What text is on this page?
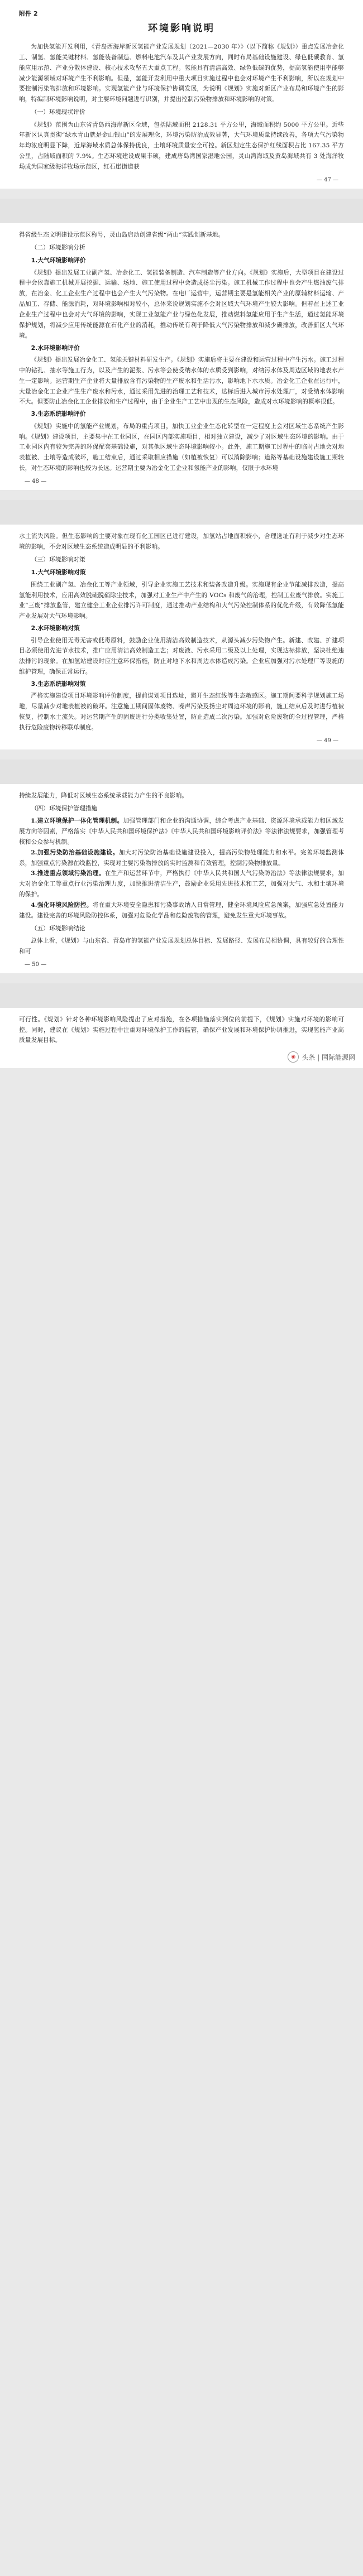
附件 2
环境影响说明

为加快氢能开发利用，《青岛西海岸新区氢能产业发展规划（2021—2030 年）》（以下简称《规划》）重点发展冶金化工、制氢、氢能关键材料、氢能装备制造、燃料电池汽车及其产业发展方向，同时布局基础设施建设、绿色低碳教育、氢能应用示范、产业分散体建设、核心技术攻坚五大重点工程。氢能具有清洁高效、绿色低碳的优势，提高氢能使用率能够减少能源领域对环境产生不利影响。但是，氢能开发利用中重大项目实施过程中也会对环境产生不利影响，所以在规划中要控制污染物排放和环境影响。实现氢能产业与环境保护协调发展，为说明《规划》实施对新区产业布局和环境产生的影响，特编制环境影响说明，对主要环境问题进行识别，并提出控制污染物排放和环境影响的对策。

（一）环境现状评价

《规划》范围为山东省青岛西海岸新区全域，包括陆域面积 2128.31 平方公里，海域面积约 5000 平方公里。近些年新区认真贯彻“绿水青山就是金山银山”的发展理念，环境污染防治成效显著，大气环境质量持续改善，各项大气污染物年均浓度明显下降，近岸海域水质总体保持优良，土壤环境质量安全可控。新区划定生态保护红线面积占比 167.35 平方公里，占陆域面积的 7.9%。生态环境建设成果丰硕，建成唐岛湾国家湿地公园，灵山湾海域及黄岛海域共有 3 处海洋牧场成为国家级海洋牧场示范区，红石崖街道获

— 47 —

得省级生态文明建设示范区称号，灵山岛启动创建省级“两山”实践创新基地。

（二）环境影响分析
1.大气环境影响评价

《规划》提出发展工业副产氢、冶金化工、氢能装备制造、汽车制造等产业方向。《规划》实施后，大型项目在建设过程中会依靠施工机械开展挖掘、运输、场地、施工使用过程中会造成扬尘污染。施工机械工作过程中也会产生燃油废气排放，在冶金、化工企业生产过程中也会产生大气污染物。在电厂运营中，运营期主要是氢能相关产业的原辅材料运输、产品加工、存储、能源消耗，对环境影响相对较小，总体来说规划实施不会对区域大气环境产生较大影响。但若在上述工业企业生产过程中也会对大气环境的影响，实现工业氢能产业与绿色化发展，推动燃料氢能应用于生产生活，通过氢能环境保护规划，将减少应用传统能源在石化产业的消耗，推动传统有利于降低大气污染物排放和减少碳排放，改善新区大气环境。

2.水环境影响评价

《规划》提出发展冶金化工、氢能关键材料研发生产。《规划》实施后将主要在建设和运营过程中产生污水。施工过程中的钻孔、抽水等施工行为，以及产生的泥浆、污水等会使受纳水体的水质受到影响，对纳污水体及周边区域的地表水产生一定影响。运营期生产企业将大量排放含有污染物的生产废水和生活污水，影响地下水水质。冶金化工企业在运行中，大量冶金化工企业产生生产废水和污水，通过采用先进的治理工艺和技术，达标后进入城市污水处理厂，对受纳水体影响不大。但要防止冶金化工企业排放和生产过程中，由于企业生产工艺中出现的生态风险，造成对水环境影响的概率很低。

3.生态系统影响评价

《规划》实施中的氢能产业规划，布局的重点项目，加快工业企业生态化转型在一定程度上会对区域生态系统产生影响。《规划》建设项目，主要集中在工业园区，在园区内部实施项目，相对独立建设，减少了对区域生态环境的影响。由于工业园区内有较为完善的环保配套基础设施，对其他区域生态环境影响较小。此外，施工期施工过程中的临时占地会对地表植被、土壤等造成破坏，施工结束后，通过采取相应措施（如植被恢复）可以消除影响；道路等基础设施建设施工期较长，对生态环境的影响也较为长远。运营期主要为冶金化工企业和氢能产业的影响，仅限于水环境

— 48 —

水土流失风险。但生态影响的主要对象在现有化工园区已进行建设，加氢站占地面积较小，合理选址有利于减少对生态环境的影响，不会对区域生态系统造成明显的不利影响。

（三）环境影响对策
1.大气环境影响对策

围绕工业副产氢、冶金化工等产业领域，引导企业实施工艺技术和装备改造升级。实施现有企业节能减排改造，提高氢能利用技术，应用高效脱硫脱硝除尘技术，加强对工业生产中产生的 VOCs 和废气的治理，控制工业废气排放。实施工业“三废”排放监管，建立健全工业企业排污许可制度，通过推动产业结构和大气污染控制体系的优化升级，有效降低氢能产业发展对大气环境影响。

2.水环境影响对策

引导企业使用无毒无害或低毒原料，鼓励企业使用清洁高效制造技术，从源头减少污染物产生。新建、改建、扩建项目必须使用先进节水技术，推广应用清洁高效制造工艺；对废液、污水采用二级及以上处理，实现达标排放，坚决杜绝违法排污的现象。在加氢站建设时应注意环保措施，防止对地下水和周边水体造成污染。企业应加强对污水处理厂等设施的维护管理，确保正常运行。

3.生态系统影响对策

严格实施建设项目环境影响评价制度，提前谋划项目选址，避开生态红线等生态敏感区。施工期间要科学规划施工场地，尽量减少对地表植被的破坏。注意施工期间固体废物、噪声污染及扬尘对周边环境的影响，施工结束后及时进行植被恢复，控制水土流失。对运营期产生的固废进行分类收集处置，防止造成二次污染。加强对危险废物的全过程管理，严格执行危险废物转移联单制度。

— 49 —

持续发展能力，降低对区域生态系统承载能力产生的不良影响。

（四）环境保护管理措施

1.建立环境保护一体化管理机制。加强管理部门和企业的沟通协调，综合考虑产业基础、资源环境承载能力和区域发展方向等因素，严格落实《中华人民共和国环境保护法》《中华人民共和国环境影响评价法》等法律法规要求，加强管理考核和公众参与机制。

2.加强污染防治基础设施建设。加大对污染防治基础设施建设投入，提高污染物处理能力和水平。完善环境监测体系，加强重点污染源在线监控，实现对主要污染物排放的实时监测和有效管理，控制污染物排放量。

3.推进重点领域污染治理。在生产和运营环节中，严格执行《中华人民共和国大气污染防治法》等法律法规要求，加大对冶金化工等重点行业污染治理力度，加快推进清洁生产，鼓励企业采用先进技术和工艺，加强对大气、水和土壤环境的保护。

4.强化环境风险防控。将在重大环境安全隐患和污染事故纳入日常管理，健全环境风险应急预案，加强应急处置能力建设。建设完善的环境风险防控体系，加强对危险化学品和危险废物的管理，避免发生重大环境事故。

（五）环境影响结论

总体上看，《规划》与山东省、青岛市的氢能产业发展规划总体目标、发展路径、发展布局相协调，具有较好的合理性和可

— 50 —

可行性。《规划》针对各种环境影响风险提出了应对措施，在各项措施落实到位的前提下，《规划》实施对环境的影响可控。同时，建议在《规划》实施过程中注重对环境保护工作的监管，确保产业发展和环境保护协调推进，实现氢能产业高质量发展目标。

◉ 头条 | 国际能源网
